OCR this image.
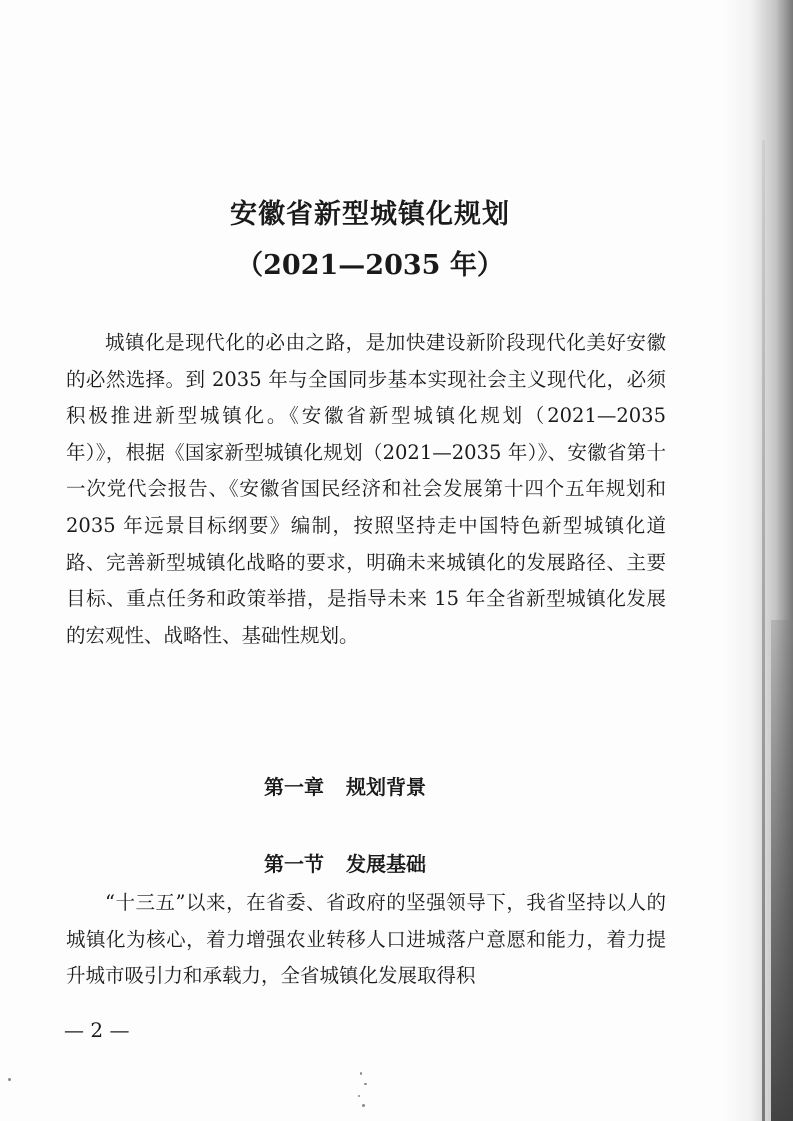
安徽省新型城镇化规划
（2021—2035 年）

城镇化是现代化的必由之路，是加快建设新阶段现代化美好安徽的必然选择。到 2035 年与全国同步基本实现社会主义现代化，必须积极推进新型城镇化。《安徽省新型城镇化规划（2021—2035 年）》，根据《国家新型城镇化规划（2021—2035 年）》、安徽省第十一次党代会报告、《安徽省国民经济和社会发展第十四个五年规划和 2035 年远景目标纲要》编制，按照坚持走中国特色新型城镇化道路、完善新型城镇化战略的要求，明确未来城镇化的发展路径、主要目标、重点任务和政策举措，是指导未来 15 年全省新型城镇化发展的宏观性、战略性、基础性规划。

第一章 规划背景
第一节 发展基础

“十三五”以来，在省委、省政府的坚强领导下，我省坚持以人的城镇化为核心，着力增强农业转移人口进城落户意愿和能力，着力提升城市吸引力和承载力，全省城镇化发展取得积

— 2 —
